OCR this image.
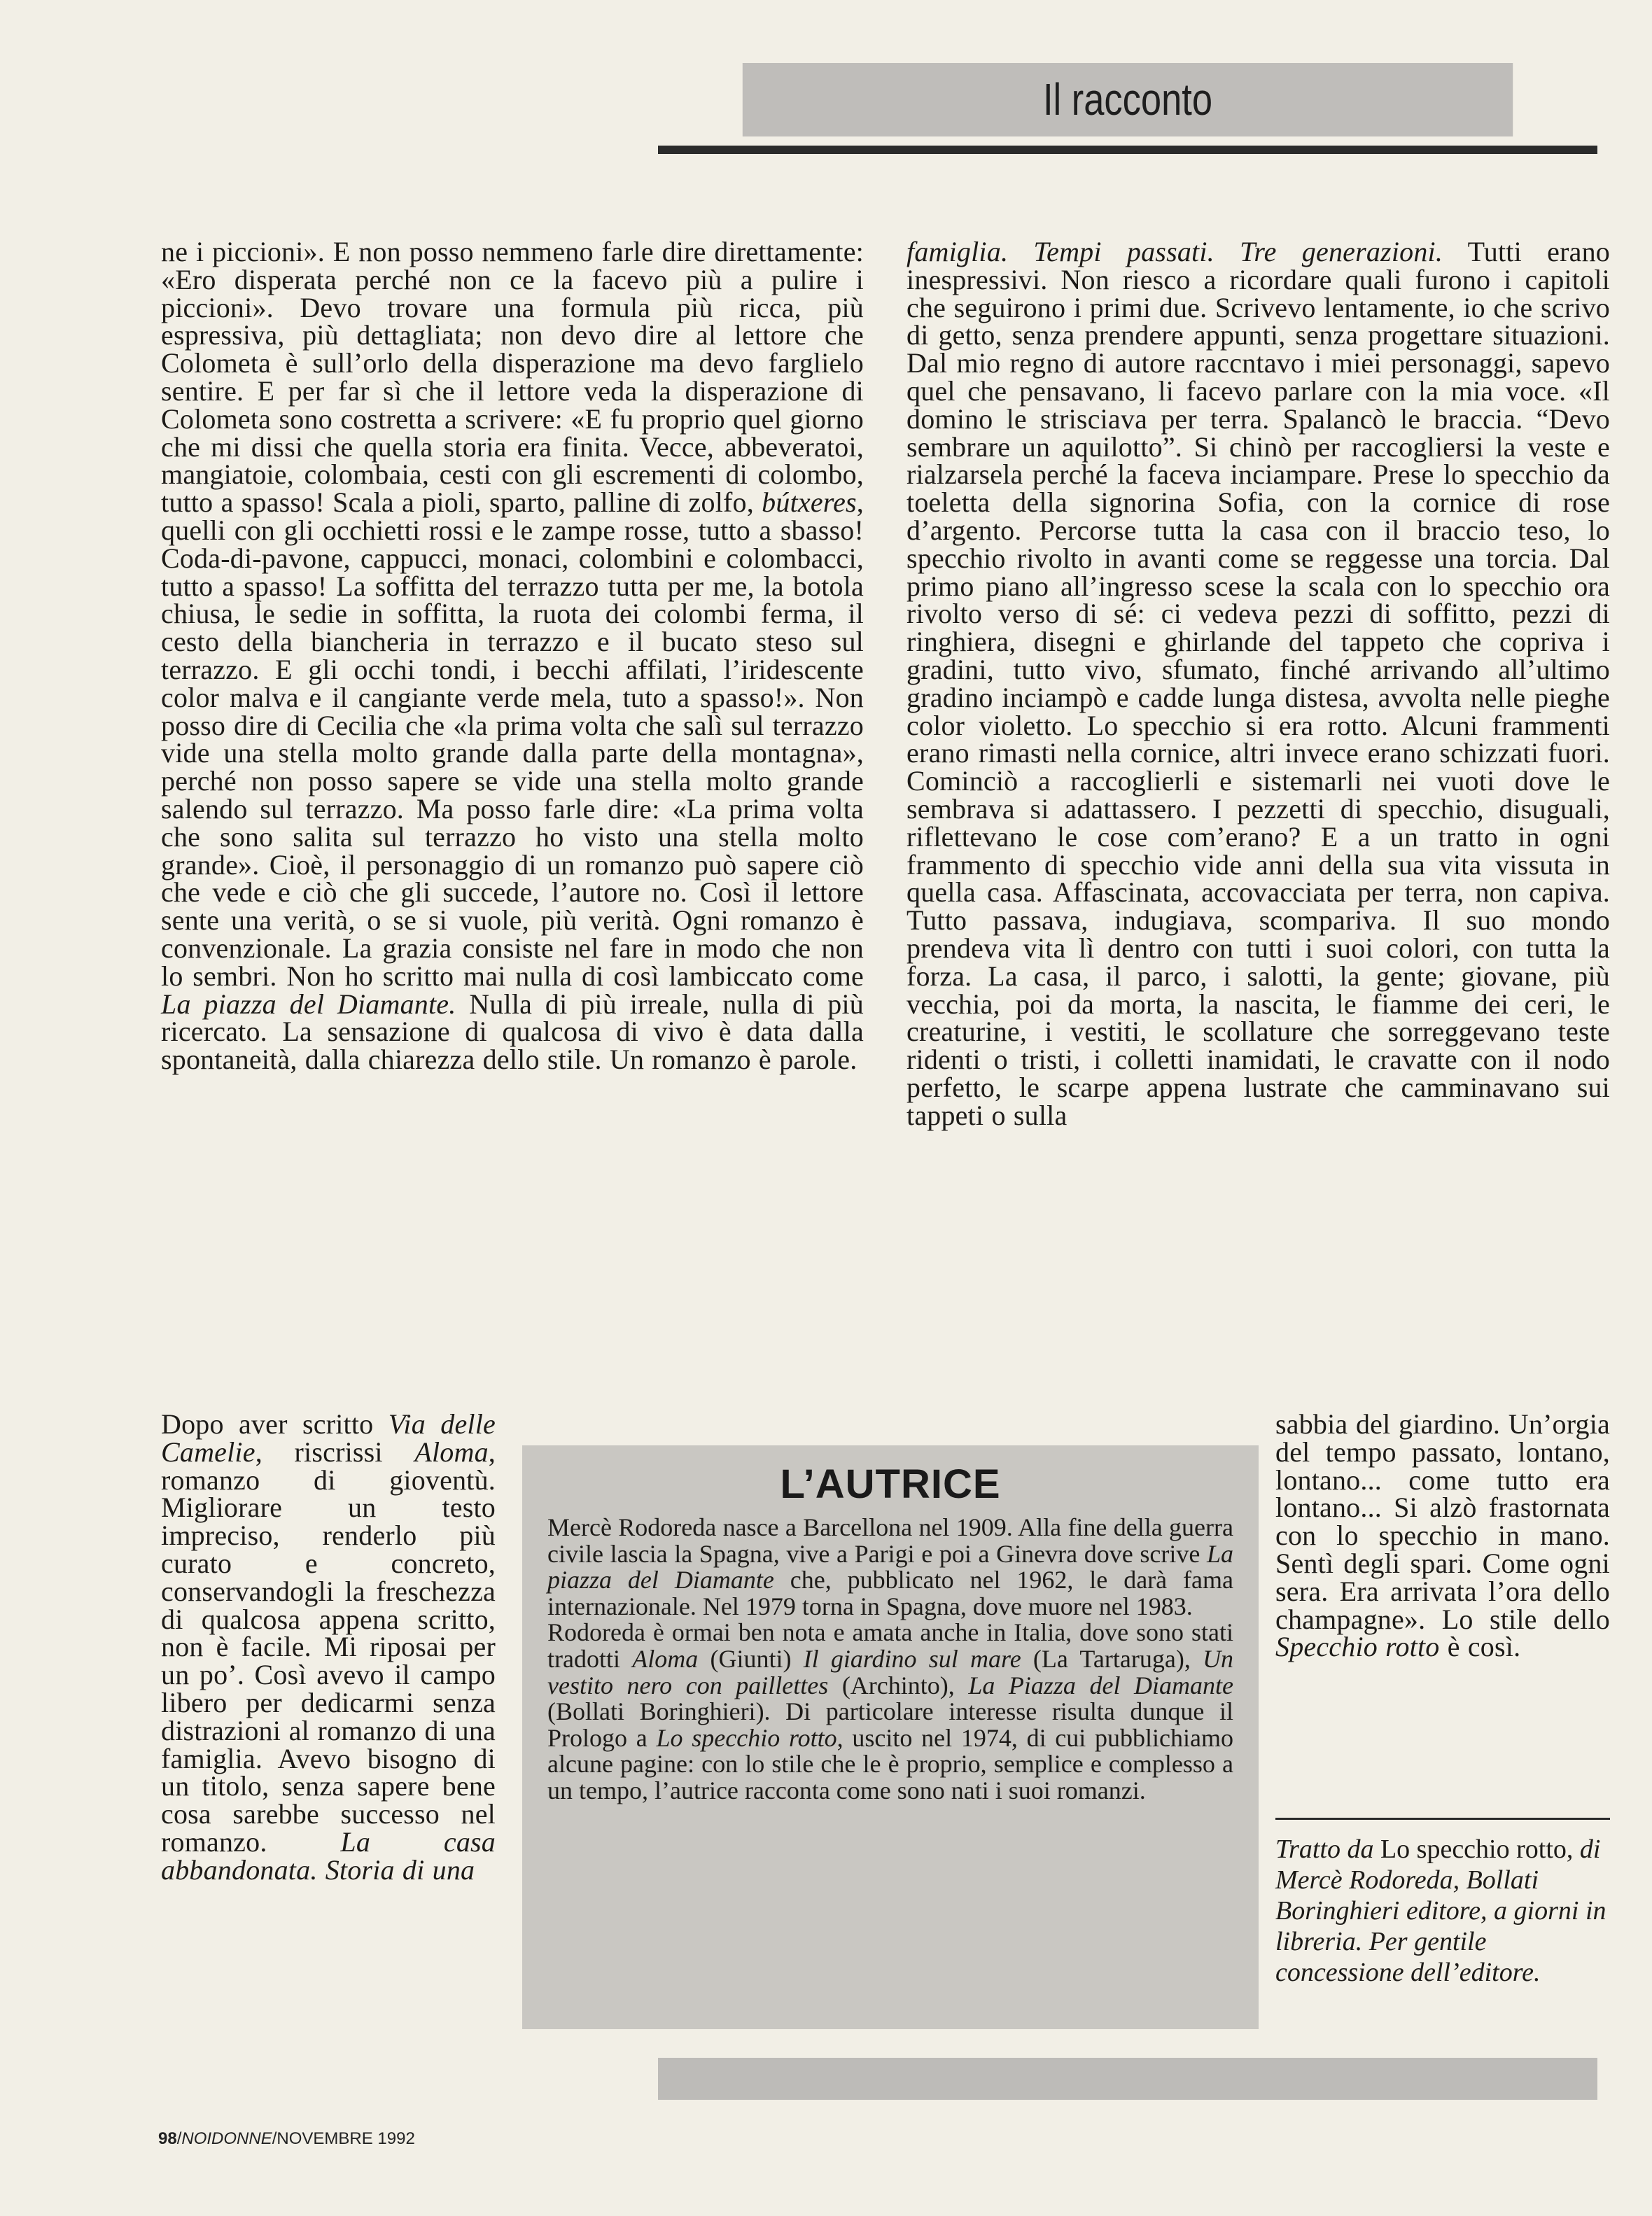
Il racconto

ne i piccioni». E non posso nemmeno farle dire direttamente: «Ero disperata perché non ce la facevo più a pulire i piccioni». Devo trovare una formula più ricca, più espressiva, più dettagliata; non devo dire al lettore che Colometa è sull’orlo della disperazione ma devo farglielo sentire. E per far sì che il lettore veda la disperazione di Colometa sono costretta a scrivere: «E fu proprio quel giorno che mi dissi che quella storia era finita. Vecce, abbeveratoi, mangiatoie, colombaia, cesti con gli escrementi di colombo, tutto a spasso! Scala a pioli, sparto, palline di zolfo, bútxeres, quelli con gli occhietti rossi e le zampe rosse, tutto a sbasso! Coda-di-pavone, cappucci, monaci, colombini e colombacci, tutto a spasso! La soffitta del terrazzo tutta per me, la botola chiusa, le sedie in soffitta, la ruota dei colombi ferma, il cesto della biancheria in terrazzo e il bucato steso sul terrazzo. E gli occhi tondi, i becchi affilati, l’iridescente color malva e il cangiante verde mela, tuto a spasso!». Non posso dire di Cecilia che «la prima volta che salì sul terrazzo vide una stella molto grande dalla parte della montagna», perché non posso sapere se vide una stella molto grande salendo sul terrazzo. Ma posso farle dire: «La prima volta che sono salita sul terrazzo ho visto una stella molto grande». Cioè, il personaggio di un romanzo può sapere ciò che vede e ciò che gli succede, l’autore no. Così il lettore sente una verità, o se si vuole, più verità. Ogni romanzo è convenzionale. La grazia consiste nel fare in modo che non lo sembri. Non ho scritto mai nulla di così lambiccato come La piazza del Diamante. Nulla di più irreale, nulla di più ricercato. La sensazione di qualcosa di vivo è data dalla spontaneità, dalla chiarezza dello stile. Un romanzo è parole.

Dopo aver scritto Via delle Camelie, riscrissi Aloma, romanzo di gioventù. Migliorare un testo impreciso, renderlo più curato e concreto, conservandogli la freschezza di qualcosa appena scritto, non è facile. Mi riposai per un po’. Così avevo il campo libero per dedicarmi senza distrazioni al romanzo di una famiglia. Avevo bisogno di un titolo, senza sapere bene cosa sarebbe successo nel romanzo.	La casa abbandonata. Storia di una

famiglia. Tempi passati. Tre generazioni. Tutti erano inespressivi. Non riesco a ricordare quali furono i capitoli che seguirono i primi due. Scrivevo lentamente, io che scrivo di getto, senza prendere appunti, senza progettare situazioni. Dal mio regno di autore raccntavo i miei personaggi, sapevo quel che pensavano, li facevo parlare con la mia voce. «Il domino le strisciava per terra. Spalancò le braccia. “Devo sembrare un aquilotto”. Si chinò per raccogliersi la veste e rialzarsela perché la faceva inciampare. Prese lo specchio da toeletta della signorina Sofia, con la cornice di rose d’argento. Percorse tutta la casa con il braccio teso, lo specchio rivolto in avanti come se reggesse una torcia. Dal primo piano all’ingresso scese la scala con lo specchio ora rivolto verso di sé: ci vedeva pezzi di soffitto, pezzi di ringhiera, disegni e ghirlande del tappeto che copriva i gradini, tutto vivo, sfumato, finché arrivando all’ultimo gradino inciampò e cadde lunga distesa, avvolta nelle pieghe color violetto. Lo specchio si era rotto. Alcuni frammenti erano rimasti nella cornice, altri invece erano schizzati fuori. Cominciò a raccoglierli e sistemarli nei vuoti dove le sembrava si adattassero. I pezzetti di specchio, disuguali, riflettevano le cose com’erano? E a un tratto in ogni frammento di specchio vide anni della sua vita vissuta in quella casa. Affascinata, accovacciata per terra, non capiva. Tutto passava, indugiava, scompariva. Il suo mondo prendeva vita lì dentro con tutti i suoi colori, con tutta la forza. La casa, il parco, i salotti, la gente; giovane, più vecchia, poi da morta, la nascita, le fiamme dei ceri, le creaturine, i vestiti, le scollature che sorreggevano teste ridenti o tristi, i colletti inamidati, le cravatte con il nodo perfetto, le scarpe appena lustrate che camminavano sui tappeti o sulla

sabbia del giardino. Un’orgia del tempo passato, lontano, lontano... come tutto era lontano... Si alzò frastornata con lo specchio in mano. Sentì degli spari. Come ogni sera. Era arrivata l’ora dello champagne». Lo stile dello Specchio rotto è così.

L’AUTRICE

Mercè Rodoreda nasce a Barcellona nel 1909. Alla fine della guerra civile lascia la Spagna, vive a Parigi e poi a Ginevra dove scrive La piazza del Diamante che, pubblicato nel 1962, le darà fama internazionale. Nel 1979 torna in Spagna, dove muore nel 1983.

Rodoreda è ormai ben nota e amata anche in Italia, dove sono stati tradotti Aloma (Giunti) Il giardino sul mare (La Tartaruga), Un vestito nero con paillettes (Archinto), La Piazza del Diamante (Bollati Boringhieri). Di particolare interesse risulta dunque il Prologo a Lo specchio rotto, uscito nel 1974, di cui pubblichiamo alcune pagine: con lo stile che le è proprio, semplice e complesso a un tempo, l’autrice racconta come sono nati i suoi romanzi.

Tratto da Lo specchio rotto, di Mercè Rodoreda, Bollati Boringhieri editore, a giorni in libreria. Per gentile concessione dell’editore.
98/NOIDONNE/NOVEMBRE 1992
